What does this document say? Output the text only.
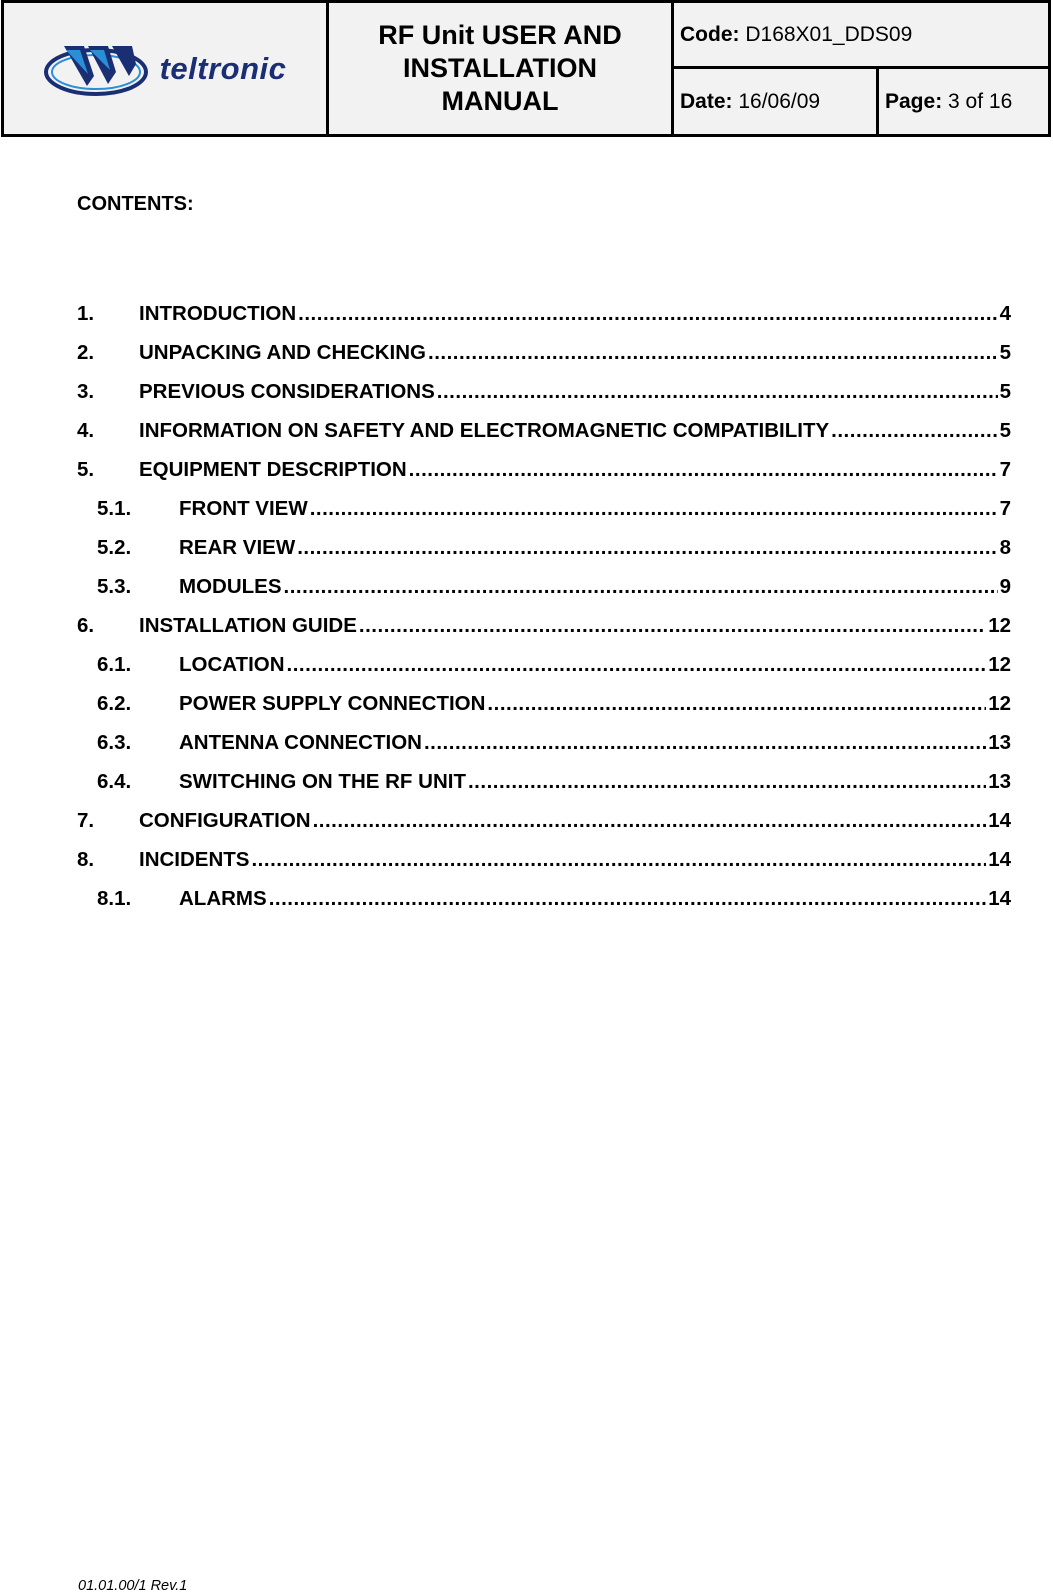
teltronic	RF Unit USER AND
INSTALLATION
MANUAL	Code: D168X01_DDS09	
		Date: 16/06/09	Page: 3 of 16
CONTENTS:
1.	INTRODUCTION .....	4
2.	UNPACKING AND CHECKING .....	5
3.	PREVIOUS CONSIDERATIONS .....	5
4.	INFORMATION ON SAFETY AND ELECTROMAGNETIC COMPATIBILITY .....	5
5.	EQUIPMENT DESCRIPTION .....	7
5.1.	FRONT VIEW .....	7
5.2.	REAR VIEW .....	8
5.3.	MODULES .....	9
6.	INSTALLATION GUIDE .....	12
6.1.	LOCATION .....	12
6.2.	POWER SUPPLY CONNECTION .....	12
6.3.	ANTENNA CONNECTION .....	13
6.4.	SWITCHING ON THE RF UNIT .....	13
7.	CONFIGURATION .....	14
8.	INCIDENTS .....	14
8.1.	ALARMS .....	14
01.01.00/1 Rev.1
